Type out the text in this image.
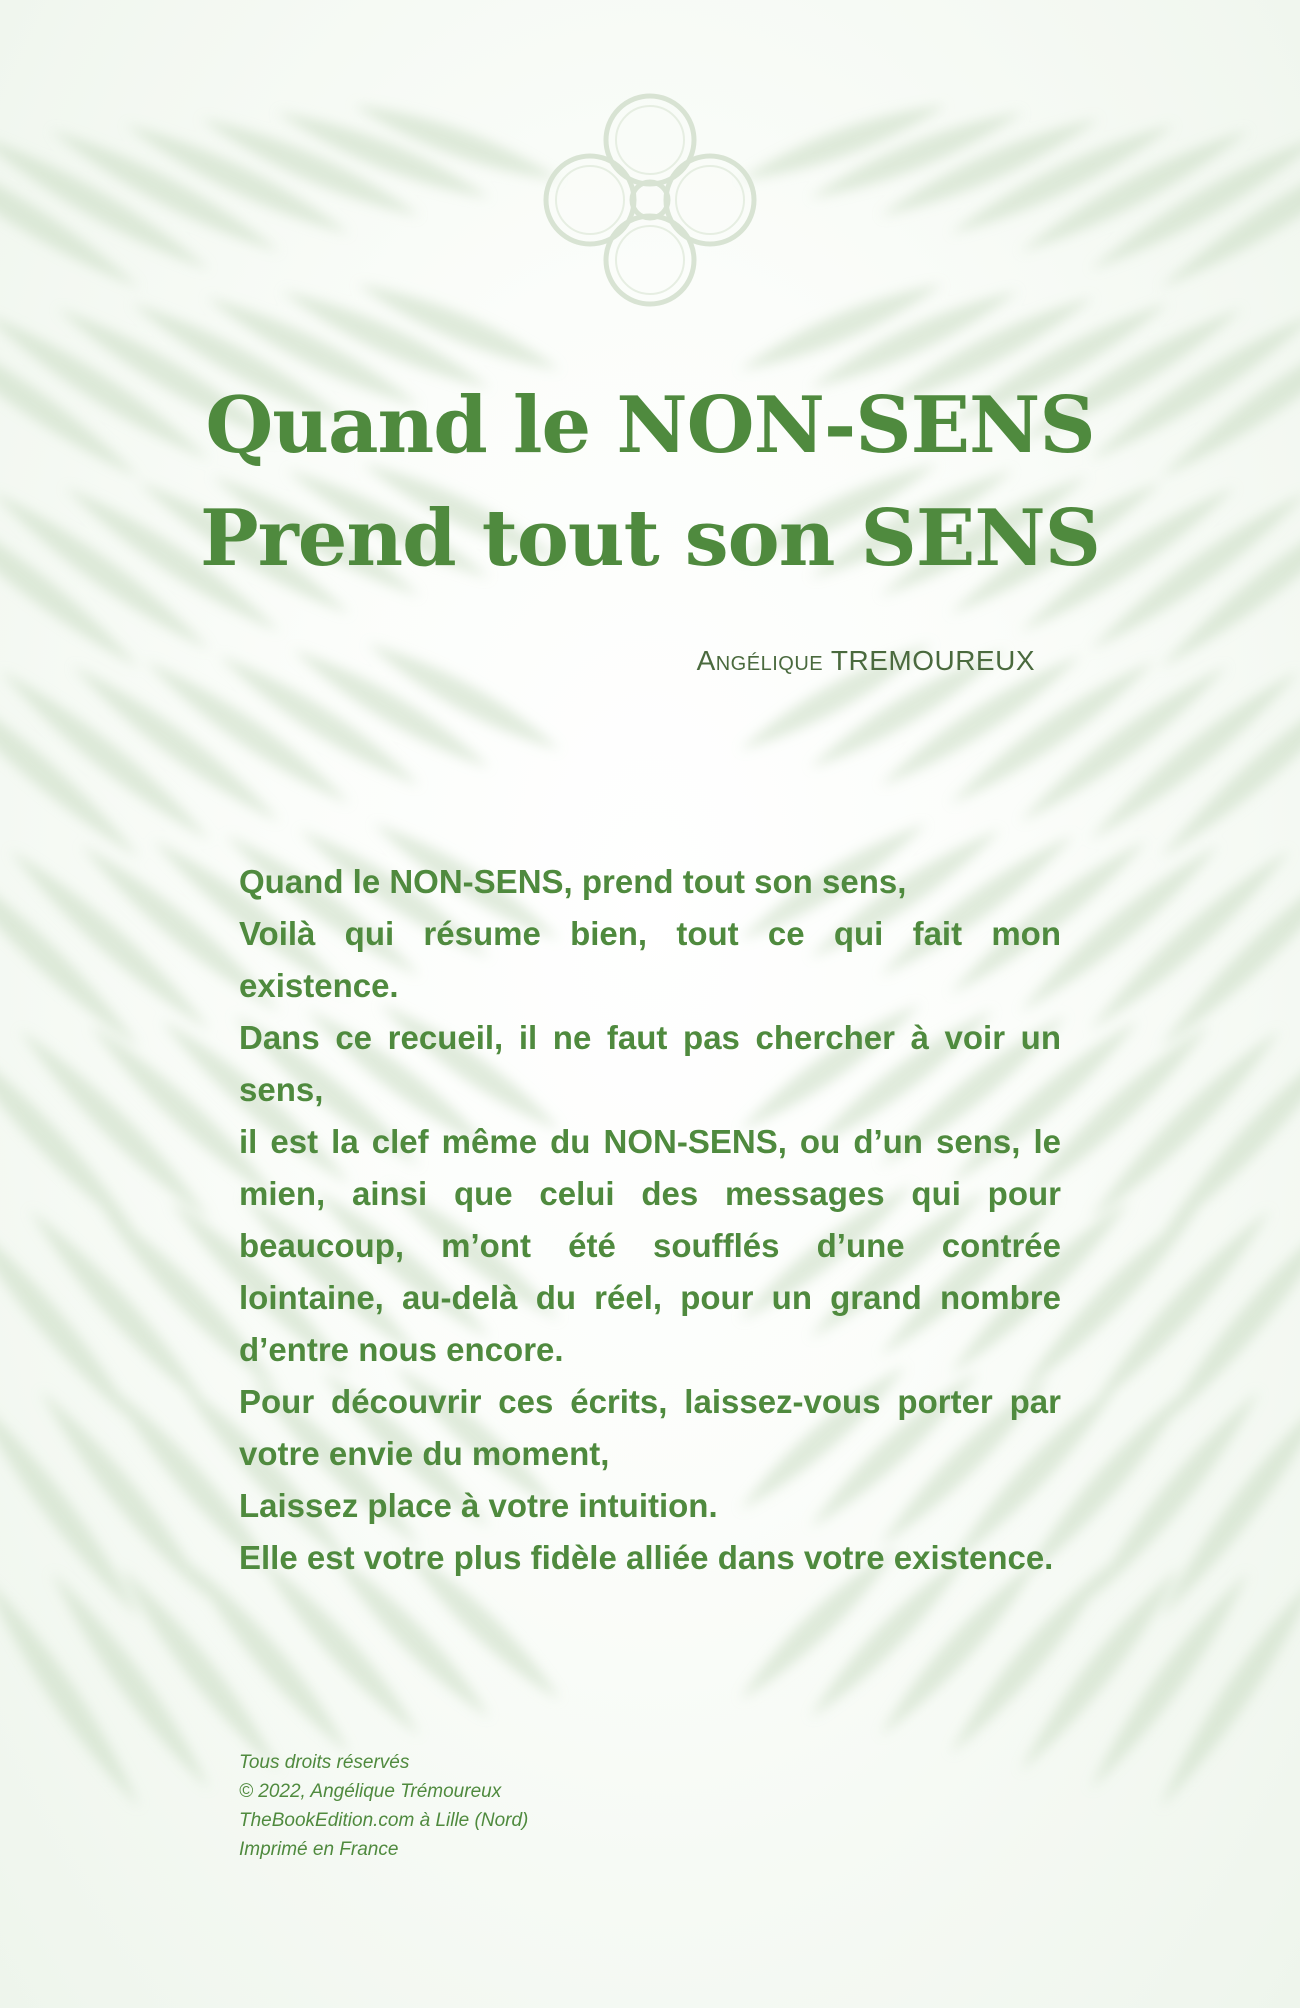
Quand le NON-SENS
Prend tout son SENS
Angélique TREMOUREUX

Quand le NON-SENS, prend tout son sens,

Voilà qui résume bien, tout ce qui fait mon existence.

Dans ce recueil, il ne faut pas chercher à voir un sens,

il est la clef même du NON-SENS, ou d’un sens, le mien, ainsi que celui des messages qui pour beaucoup, m’ont été soufflés d’une contrée lointaine, au-delà du réel, pour un grand nombre d’entre nous encore.

Pour découvrir ces écrits, laissez-vous porter par votre envie du moment,

Laissez place à votre intuition.

Elle est votre plus fidèle alliée dans votre existence.

Tous droits réservés
© 2022, Angélique Trémoureux
TheBookEdition.com à Lille (Nord)
Imprimé en France
